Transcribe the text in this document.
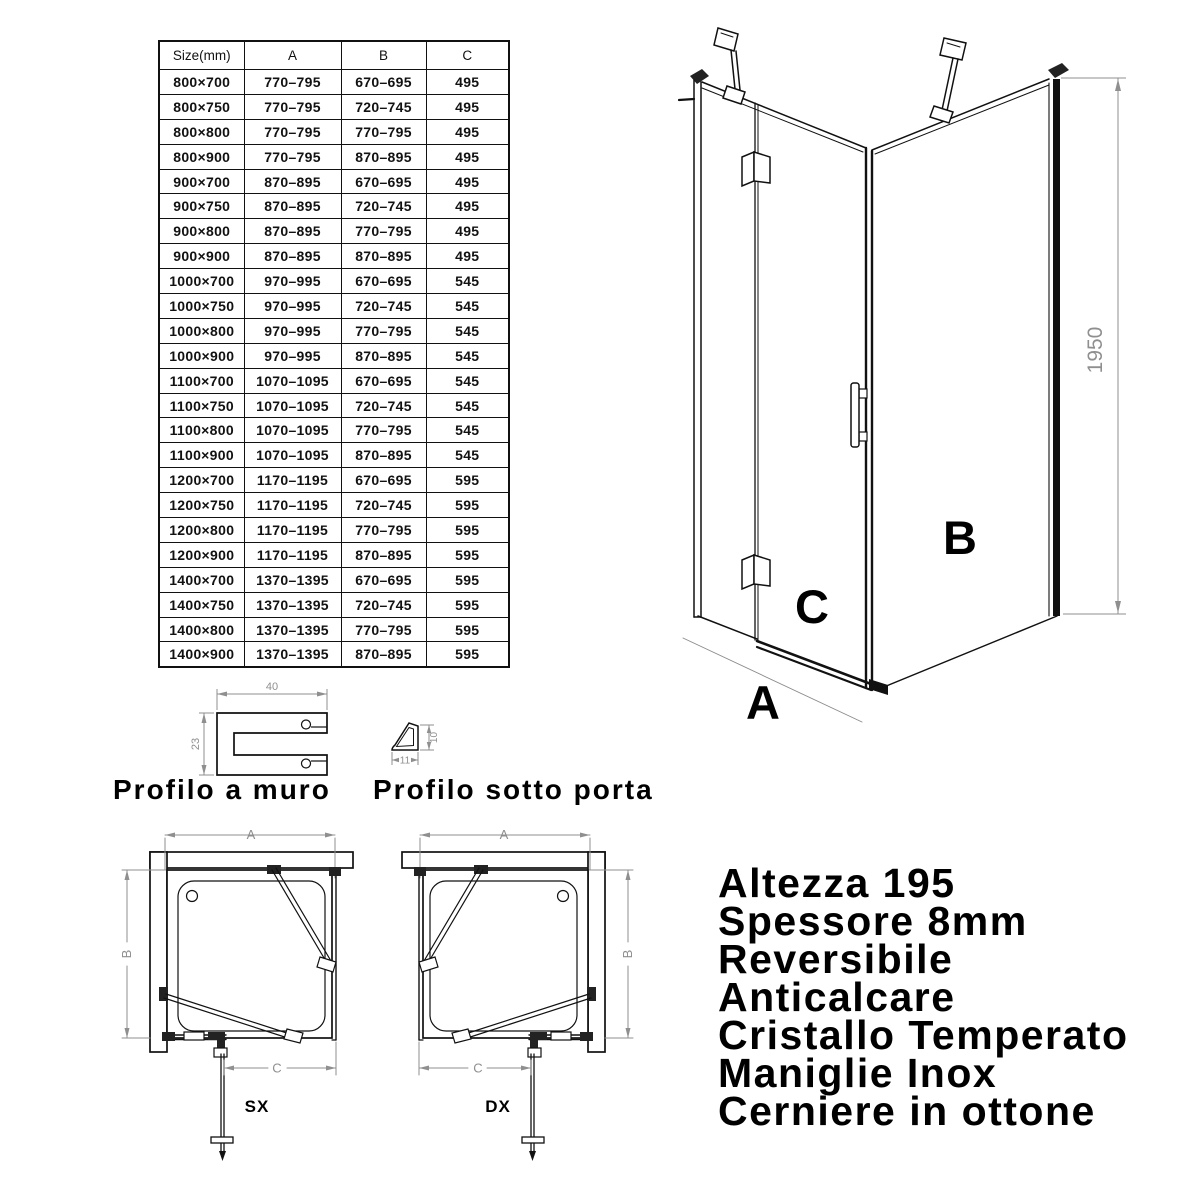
Size(mm)	A	B	C
800×700	770–795	670–695	495
800×750	770–795	720–745	495
800×800	770–795	770–795	495
800×900	770–795	870–895	495
900×700	870–895	670–695	495
900×750	870–895	720–745	495
900×800	870–895	770–795	495
900×900	870–895	870–895	495
1000×700	970–995	670–695	545
1000×750	970–995	720–745	545
1000×800	970–995	770–795	545
1000×900	970–995	870–895	545
1100×700	1070–1095	670–695	545
1100×750	1070–1095	720–745	545
1100×800	1070–1095	770–795	545
1100×900	1070–1095	870–895	545
1200×700	1170–1195	670–695	595
1200×750	1170–1195	720–745	595
1200×800	1170–1195	770–795	595
1200×900	1170–1195	870–895	595
1400×700	1370–1395	670–695	595
1400×750	1370–1395	720–745	595
1400×800	1370–1395	770–795	595
1400×900	1370–1395	870–895	595
1950
A
B
C
40
23
10
11
Profilo a muro Profilo sotto porta
A
B
C
SX
A
B
C
DX
Altezza 195
Spessore 8mm
Reversibile
Anticalcare
Cristallo Temperato
Maniglie Inox
Cerniere in ottone
